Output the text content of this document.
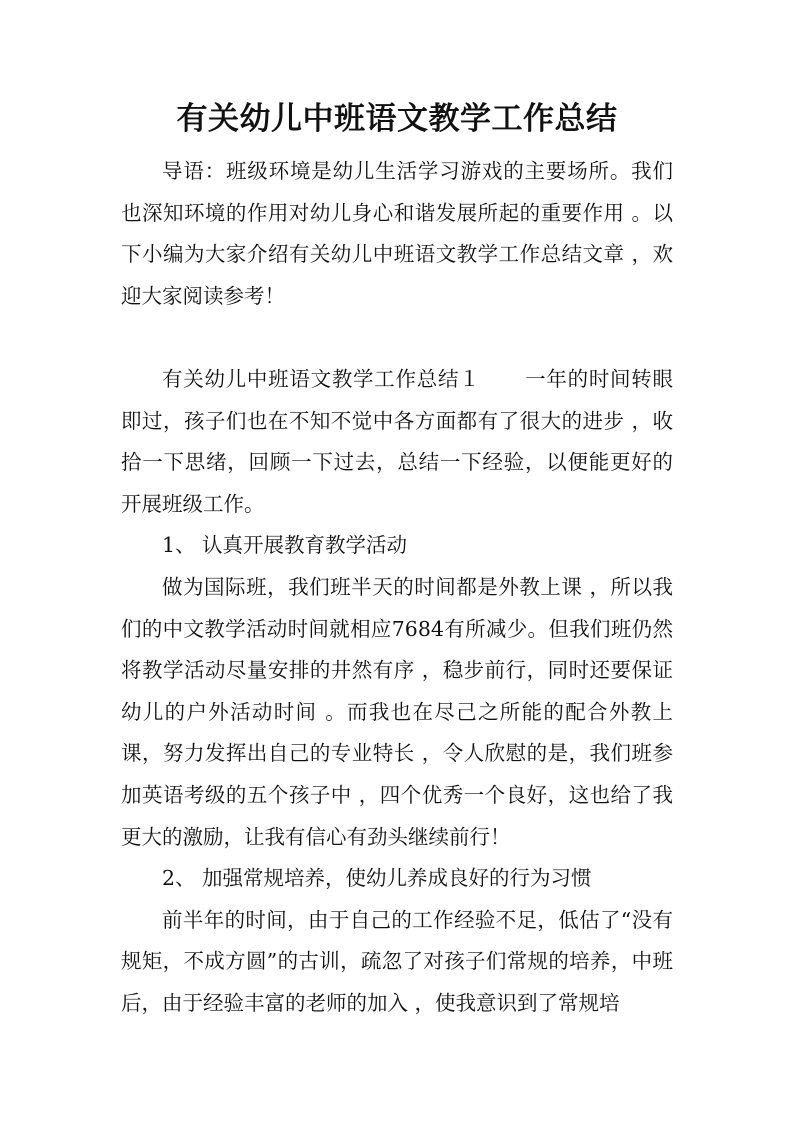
有关幼儿中班语文教学工作总结

导语：班级环境是幼儿生活学习游戏的主要场所。我们也深知环境的作用对幼儿身心和谐发展所起的重要作用 。以下小编为大家介绍有关幼儿中班语文教学工作总结文章 ，欢迎大家阅读参考！

有关幼儿中班语文教学工作总结１ 一年的时间转眼即过，孩子们也在不知不觉中各方面都有了很大的进步 ，收拾一下思绪，回顾一下过去，总结一下经验，以便能更好的开展班级工作。

1、 认真开展教育教学活动

做为国际班，我们班半天的时间都是外教上课 ，所以我们的中文教学活动时间就相应7684有所减少。但我们班仍然将教学活动尽量安排的井然有序 ，稳步前行，同时还要保证幼儿的户外活动时间 。而我也在尽己之所能的配合外教上课，努力发挥出自己的专业特长 ，令人欣慰的是，我们班参加英语考级的五个孩子中 ，四个优秀一个良好，这也给了我更大的激励，让我有信心有劲头继续前行！

2、 加强常规培养，使幼儿养成良好的行为习惯

前半年的时间，由于自己的工作经验不足，低估了“没有规矩，不成方圆”的古训，疏忽了对孩子们常规的培养，中班后，由于经验丰富的老师的加入 ，使我意识到了常规培
